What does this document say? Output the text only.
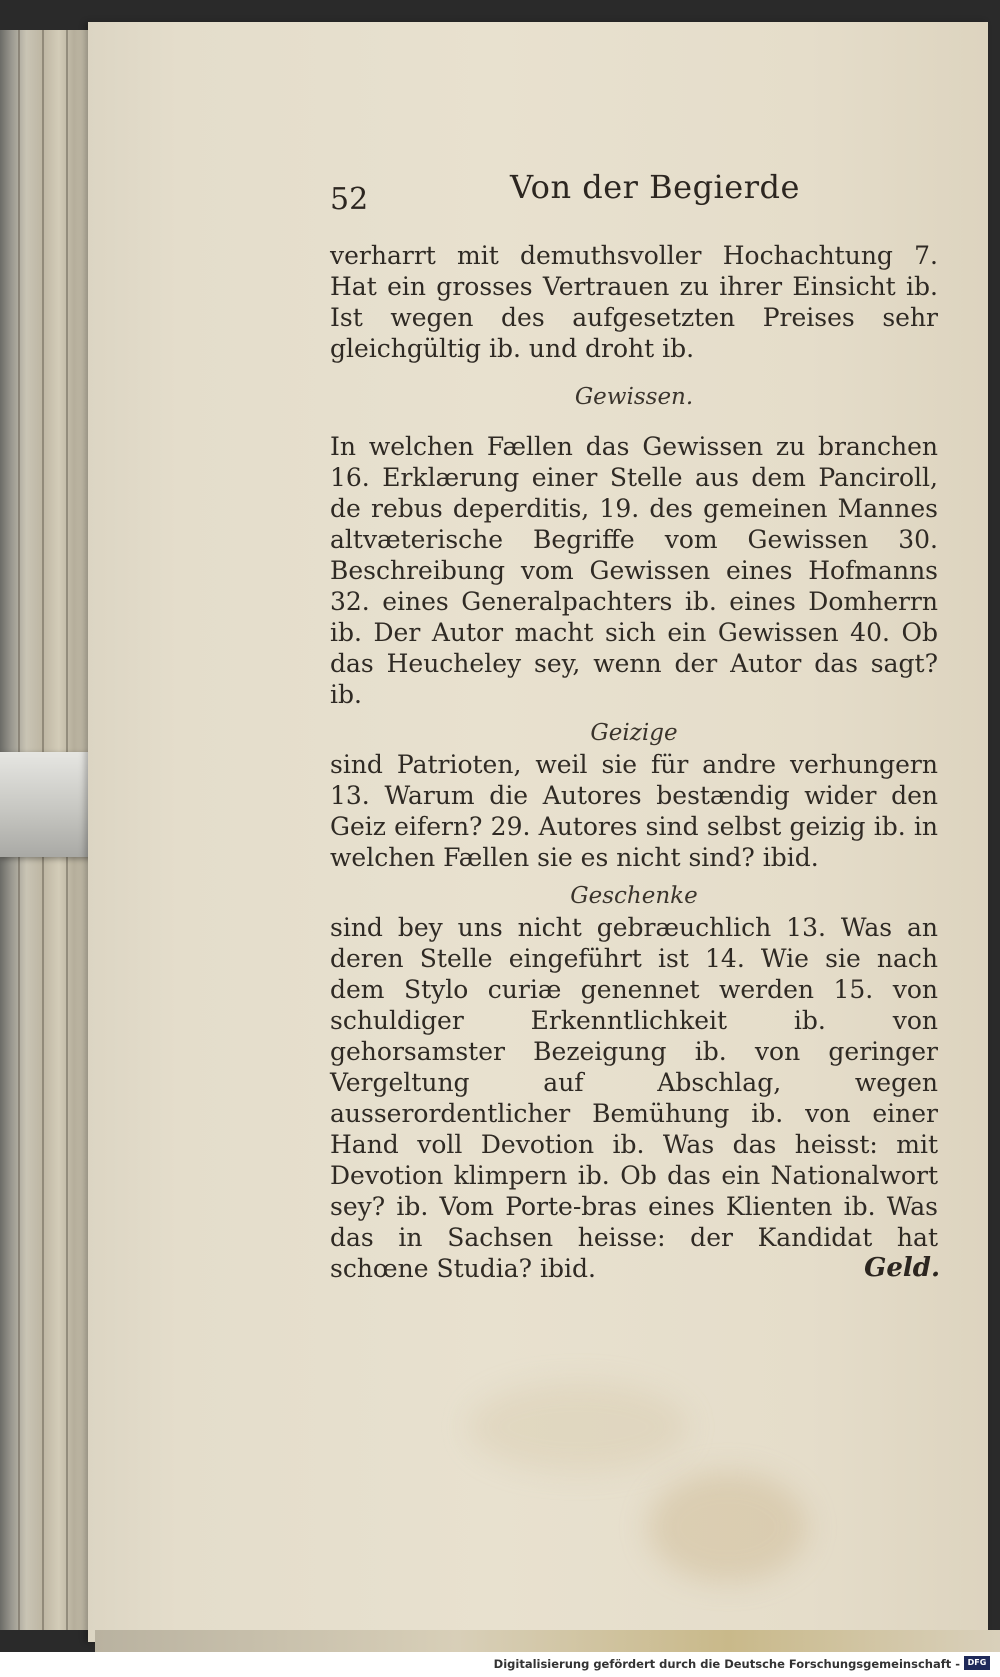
52	Von der Begierde

verharrt mit demuthsvoller Hochachtung 7. Hat ein grosses Vertrauen zu ihrer Einsicht ib. Ist wegen des aufgesetzten Preises sehr gleichgültig ib. und droht ib.

Gewissen.

In welchen Fællen das Gewissen zu branchen 16. Erklærung einer Stelle aus dem Panciroll, de rebus deperditis, 19. des gemeinen Mannes altvæterische Begriffe vom Gewissen 30. Beschreibung vom Gewissen eines Hofmanns 32. eines Generalpachters ib. eines Domherrn ib. Der Autor macht sich ein Gewissen 40. Ob das Heucheley sey, wenn der Autor das sagt? ib.

Geizige

sind Patrioten, weil sie für andre verhungern 13. Warum die Autores bestændig wider den Geiz eifern? 29. Autores sind selbst geizig ib. in welchen Fællen sie es nicht sind? ibid.

Geschenke

sind bey uns nicht gebræuchlich 13. Was an deren Stelle eingeführt ist 14. Wie sie nach dem Stylo curiæ genennet werden 15. von schuldiger Erkenntlichkeit ib. von gehorsamster Bezeigung ib. von geringer Vergeltung auf Abschlag, wegen ausserordentlicher Bemühung ib. von einer Hand voll Devotion ib. Was das heisst: mit Devotion klimpern ib. Ob das ein Nationalwort sey? ib. Vom Porte-bras eines Klienten ib. Was das in Sachsen heisse: der Kandidat hat schœne Studia? ibid.	Geld.
Digitalisierung gefördert durch die Deutsche Forschungsgemeinschaft - DFG
